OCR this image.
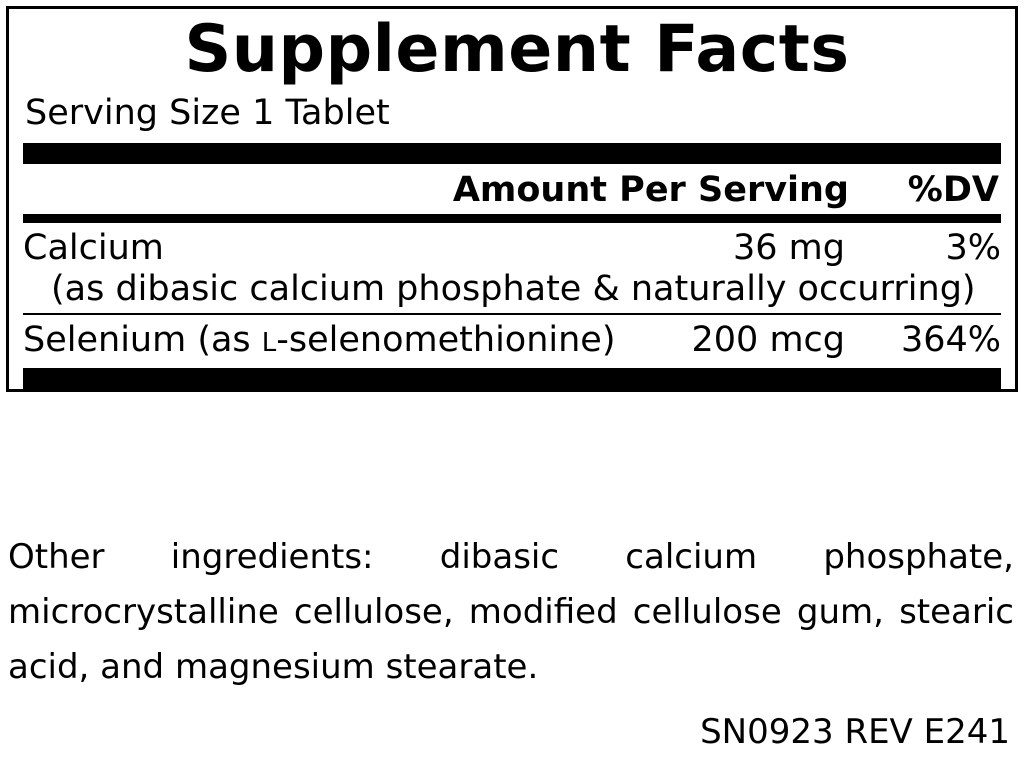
Supplement Facts
Serving Size 1 Tablet
Amount Per Serving	%DV
Calcium	36 mg	3%
(as dibasic calcium phosphate & naturally occurring)
Selenium (as L-selenomethionine)	200 mcg	364%
Other ingredients: dibasic calcium phosphate, microcrystalline cellulose, modified cellulose gum, stearic acid, and magnesium stearate.
SN0923 REV E241
